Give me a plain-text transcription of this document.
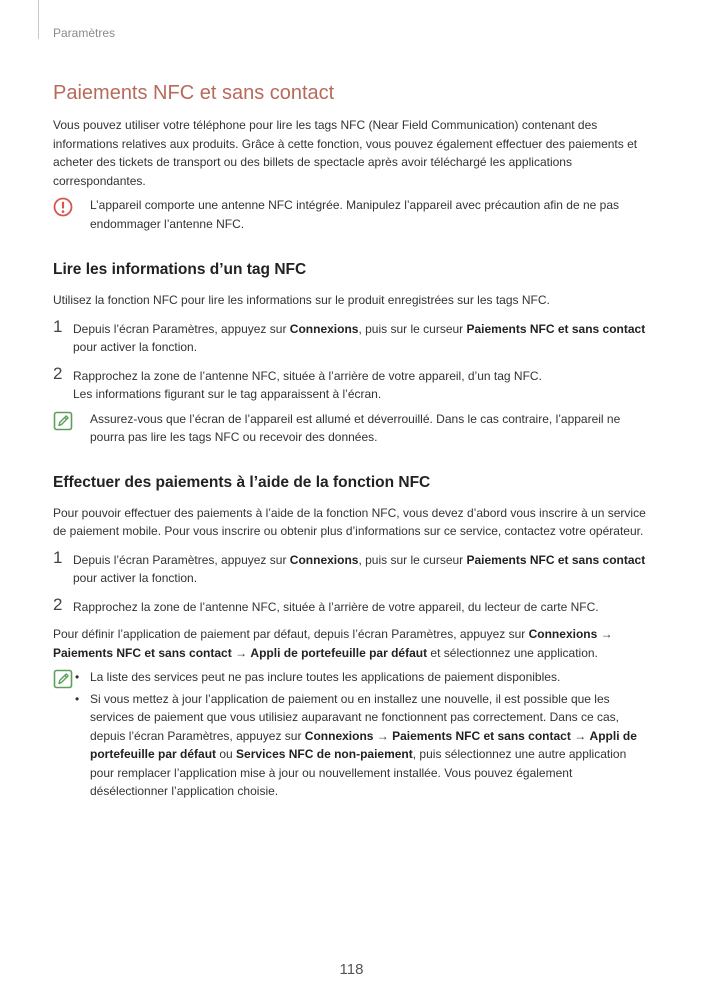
Paramètres
Paiements NFC et sans contact

Vous pouvez utiliser votre téléphone pour lire les tags NFC (Near Field Communication) contenant des informations relatives aux produits. Grâce à cette fonction, vous pouvez également effectuer des paiements et acheter des tickets de transport ou des billets de spectacle après avoir téléchargé les applications correspondantes.

L’appareil comporte une antenne NFC intégrée. Manipulez l’appareil avec précaution afin de ne pas endommager l’antenne NFC.

Lire les informations d’un tag NFC

Utilisez la fonction NFC pour lire les informations sur le produit enregistrées sur les tags NFC.

1 Depuis l’écran Paramètres, appuyez sur Connexions, puis sur le curseur Paiements NFC et sans contact pour activer la fonction.

2 Rapprochez la zone de l’antenne NFC, située à l’arrière de votre appareil, d’un tag NFC.

Les informations figurant sur le tag apparaissent à l’écran.

Assurez-vous que l’écran de l’appareil est allumé et déverrouillé. Dans le cas contraire, l’appareil ne pourra pas lire les tags NFC ou recevoir des données.

Effectuer des paiements à l’aide de la fonction NFC

Pour pouvoir effectuer des paiements à l’aide de la fonction NFC, vous devez d’abord vous inscrire à un service de paiement mobile. Pour vous inscrire ou obtenir plus d’informations sur ce service, contactez votre opérateur.

1 Depuis l’écran Paramètres, appuyez sur Connexions, puis sur le curseur Paiements NFC et sans contact pour activer la fonction.

2 Rapprochez la zone de l’antenne NFC, située à l’arrière de votre appareil, du lecteur de carte NFC.

Pour définir l’application de paiement par défaut, depuis l’écran Paramètres, appuyez sur Connexions → Paiements NFC et sans contact → Appli de portefeuille par défaut et sélectionnez une application.

• La liste des services peut ne pas inclure toutes les applications de paiement disponibles.
• Si vous mettez à jour l’application de paiement ou en installez une nouvelle, il est possible que les services de paiement que vous utilisiez auparavant ne fonctionnent pas correctement. Dans ce cas, depuis l’écran Paramètres, appuyez sur Connexions → Paiements NFC et sans contact → Appli de portefeuille par défaut ou Services NFC de non-paiement, puis sélectionnez une autre application pour remplacer l’application mise à jour ou nouvellement installée. Vous pouvez également désélectionner l’application choisie.
118
